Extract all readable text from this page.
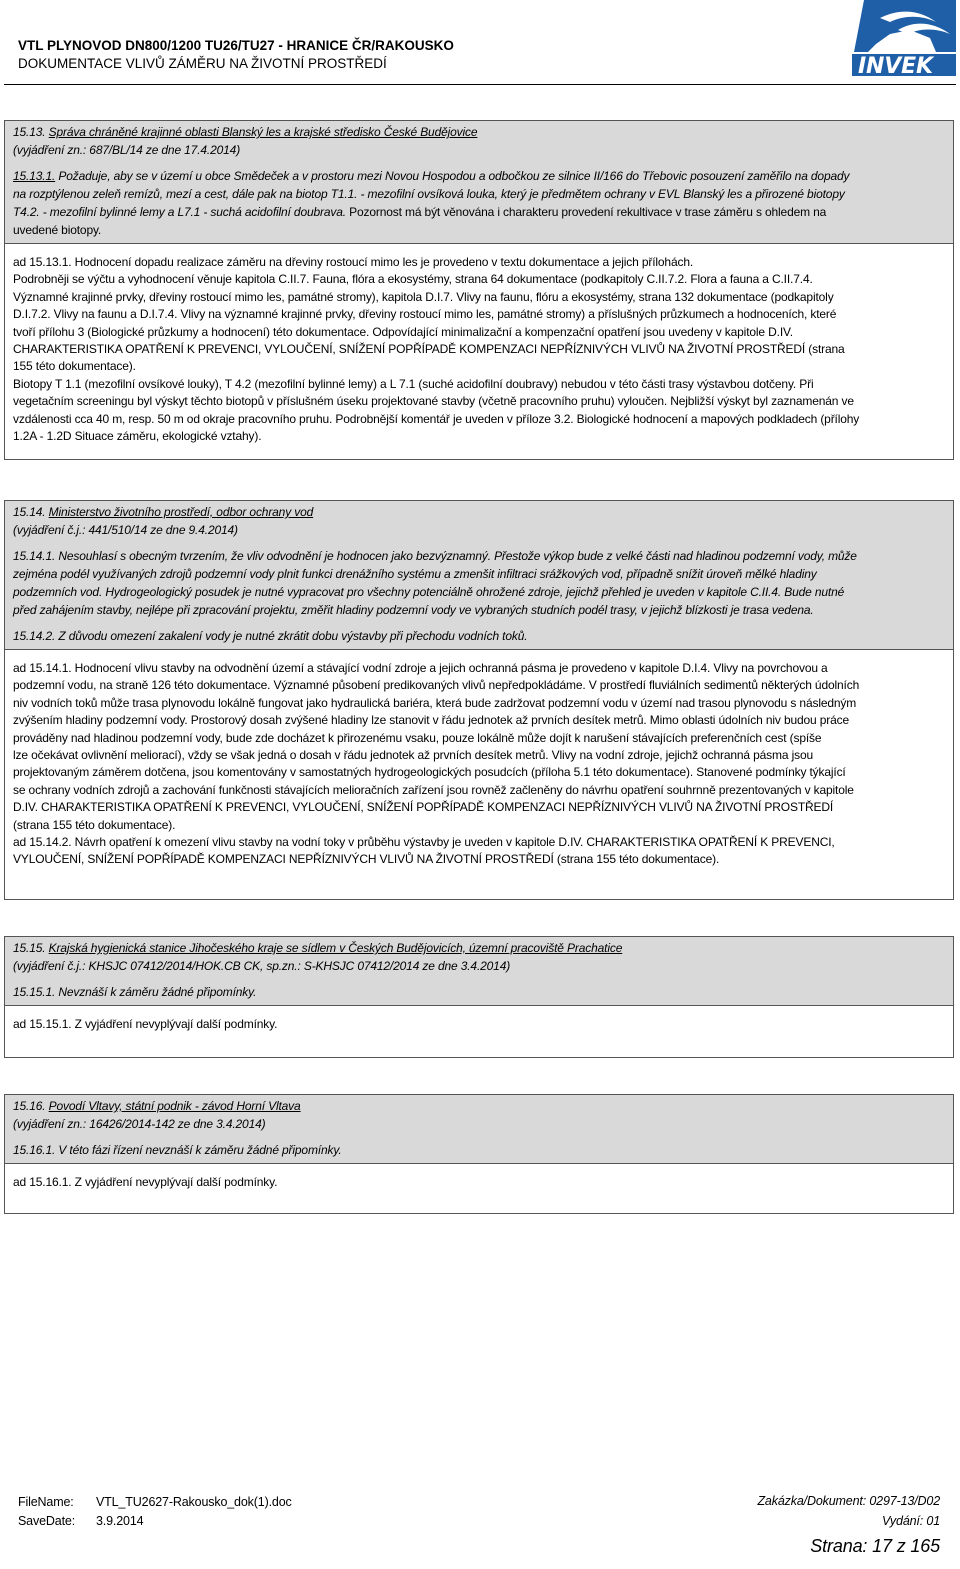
VTL PLYNOVOD DN800/1200 TU26/TU27 - HRANICE ČR/RAKOUSKO
DOKUMENTACE VLIVŮ ZÁMĚRU NA ŽIVOTNÍ PROSTŘEDÍ	INVEK

15.13. Správa chráněné krajinné oblasti Blanský les a krajské středisko České Budějovice

(vyjádření zn.: 687/BL/14 ze dne 17.4.2014)

15.13.1. Požaduje, aby se v území u obce Smědeček a v prostoru mezi Novou Hospodou a odbočkou ze silnice II/166 do Třebovic posouzení zaměřilo na dopady

na rozptýlenou zeleň remízů, mezí a cest, dále pak na biotop T1.1. - mezofilní ovsíková louka, který je předmětem ochrany v EVL Blanský les a přirozené biotopy

T4.2. - mezofilní bylinné lemy a L7.1 - suchá acidofilní doubrava. Pozornost má být věnována i charakteru provedení rekultivace v trase záměru s ohledem na

uvedené biotopy.

ad 15.13.1. Hodnocení dopadu realizace záměru na dřeviny rostoucí mimo les je provedeno v textu dokumentace a jejich přílohách.

Podrobněji se výčtu a vyhodnocení věnuje kapitola C.II.7. Fauna, flóra a ekosystémy, strana 64 dokumentace (podkapitoly C.II.7.2. Flora a fauna a C.II.7.4.

Významné krajinné prvky, dřeviny rostoucí mimo les, památné stromy), kapitola D.I.7. Vlivy na faunu, flóru a ekosystémy, strana 132 dokumentace (podkapitoly

D.I.7.2. Vlivy na faunu a D.I.7.4. Vlivy na významné krajinné prvky, dřeviny rostoucí mimo les, památné stromy) a příslušných průzkumech a hodnoceních, které

tvoří přílohu 3 (Biologické průzkumy a hodnocení) této dokumentace. Odpovídající minimalizační a kompenzační opatření jsou uvedeny v kapitole D.IV.

CHARAKTERISTIKA OPATŘENÍ K PREVENCI, VYLOUČENÍ, SNÍŽENÍ POPŘÍPADĚ KOMPENZACI NEPŘÍZNIVÝCH VLIVŮ NA ŽIVOTNÍ PROSTŘEDÍ (strana

155 této dokumentace).

Biotopy T 1.1 (mezofilní ovsíkové louky), T 4.2 (mezofilní bylinné lemy) a L 7.1 (suché acidofilní doubravy) nebudou v této části trasy výstavbou dotčeny. Při

vegetačním screeningu byl výskyt těchto biotopů v příslušném úseku projektované stavby (včetně pracovního pruhu) vyloučen. Nejbližší výskyt byl zaznamenán ve

vzdálenosti cca 40 m, resp. 50 m od okraje pracovního pruhu. Podrobnější komentář je uveden v příloze 3.2. Biologické hodnocení a mapových podkladech (přílohy

1.2A - 1.2D Situace záměru, ekologické vztahy).

15.14. Ministerstvo životního prostředí, odbor ochrany vod

(vyjádření č.j.: 441/510/14 ze dne 9.4.2014)

15.14.1. Nesouhlasí s obecným tvrzením, že vliv odvodnění je hodnocen jako bezvýznamný. Přestože výkop bude z velké části nad hladinou podzemní vody, může

zejména podél využívaných zdrojů podzemní vody plnit funkci drenážního systému a zmenšit infiltraci srážkových vod, případně snížit úroveň mělké hladiny

podzemních vod. Hydrogeologický posudek je nutné vypracovat pro všechny potenciálně ohrožené zdroje, jejichž přehled je uveden v kapitole C.II.4. Bude nutné

před zahájením stavby, nejlépe při zpracování projektu, změřit hladiny podzemní vody ve vybraných studních podél trasy, v jejichž blízkosti je trasa vedena.

15.14.2. Z důvodu omezení zakalení vody je nutné zkrátit dobu výstavby při přechodu vodních toků.

ad 15.14.1. Hodnocení vlivu stavby na odvodnění území a stávající vodní zdroje a jejich ochranná pásma je provedeno v kapitole D.I.4. Vlivy na povrchovou a

podzemní vodu, na straně 126 této dokumentace. Významné působení predikovaných vlivů nepředpokládáme. V prostředí fluviálních sedimentů některých údolních

niv vodních toků může trasa plynovodu lokálně fungovat jako hydraulická bariéra, která bude zadržovat podzemní vodu v území nad trasou plynovodu s následným

zvýšením hladiny podzemní vody. Prostorový dosah zvýšené hladiny lze stanovit v řádu jednotek až prvních desítek metrů. Mimo oblasti údolních niv budou práce

prováděny nad hladinou podzemní vody, bude zde docházet k přirozenému vsaku, pouze lokálně může dojít k narušení stávajících preferenčních cest (spíše

lze očekávat ovlivnění meliorací), vždy se však jedná o dosah v řádu jednotek až prvních desítek metrů. Vlivy na vodní zdroje, jejichž ochranná pásma jsou

projektovaným záměrem dotčena, jsou komentovány v samostatných hydrogeologických posudcích (příloha 5.1 této dokumentace). Stanovené podmínky týkající

se ochrany vodních zdrojů a zachování funkčnosti stávajících melioračních zařízení jsou rovněž začleněny do návrhu opatření souhrnně prezentovaných v kapitole

D.IV. CHARAKTERISTIKA OPATŘENÍ K PREVENCI, VYLOUČENÍ, SNÍŽENÍ POPŘÍPADĚ KOMPENZACI NEPŘÍZNIVÝCH VLIVŮ NA ŽIVOTNÍ PROSTŘEDÍ

(strana 155 této dokumentace).

ad 15.14.2. Návrh opatření k omezení vlivu stavby na vodní toky v průběhu výstavby je uveden v kapitole D.IV. CHARAKTERISTIKA OPATŘENÍ K PREVENCI,

VYLOUČENÍ, SNÍŽENÍ POPŘÍPADĚ KOMPENZACI NEPŘÍZNIVÝCH VLIVŮ NA ŽIVOTNÍ PROSTŘEDÍ (strana 155 této dokumentace).

15.15. Krajská hygienická stanice Jihočeského kraje se sídlem v Českých Budějovicích, územní pracoviště Prachatice

(vyjádření č.j.: KHSJC 07412/2014/HOK.CB CK, sp.zn.: S-KHSJC 07412/2014 ze dne 3.4.2014)

15.15.1. Nevznáší k záměru žádné připomínky.

ad 15.15.1. Z vyjádření nevyplývají další podmínky.

15.16. Povodí Vltavy, státní podnik - závod Horní Vltava

(vyjádření zn.: 16426/2014-142 ze dne 3.4.2014)

15.16.1. V této fázi řízení nevznáší k záměru žádné připomínky.

ad 15.16.1. Z vyjádření nevyplývají další podmínky.

FileName: VTL_TU2627-Rakousko_dok(1).doc
SaveDate: 3.9.2014
Zakázka/Dokument: 0297-13/D02
Vydání: 01
Strana: 17 z 165
